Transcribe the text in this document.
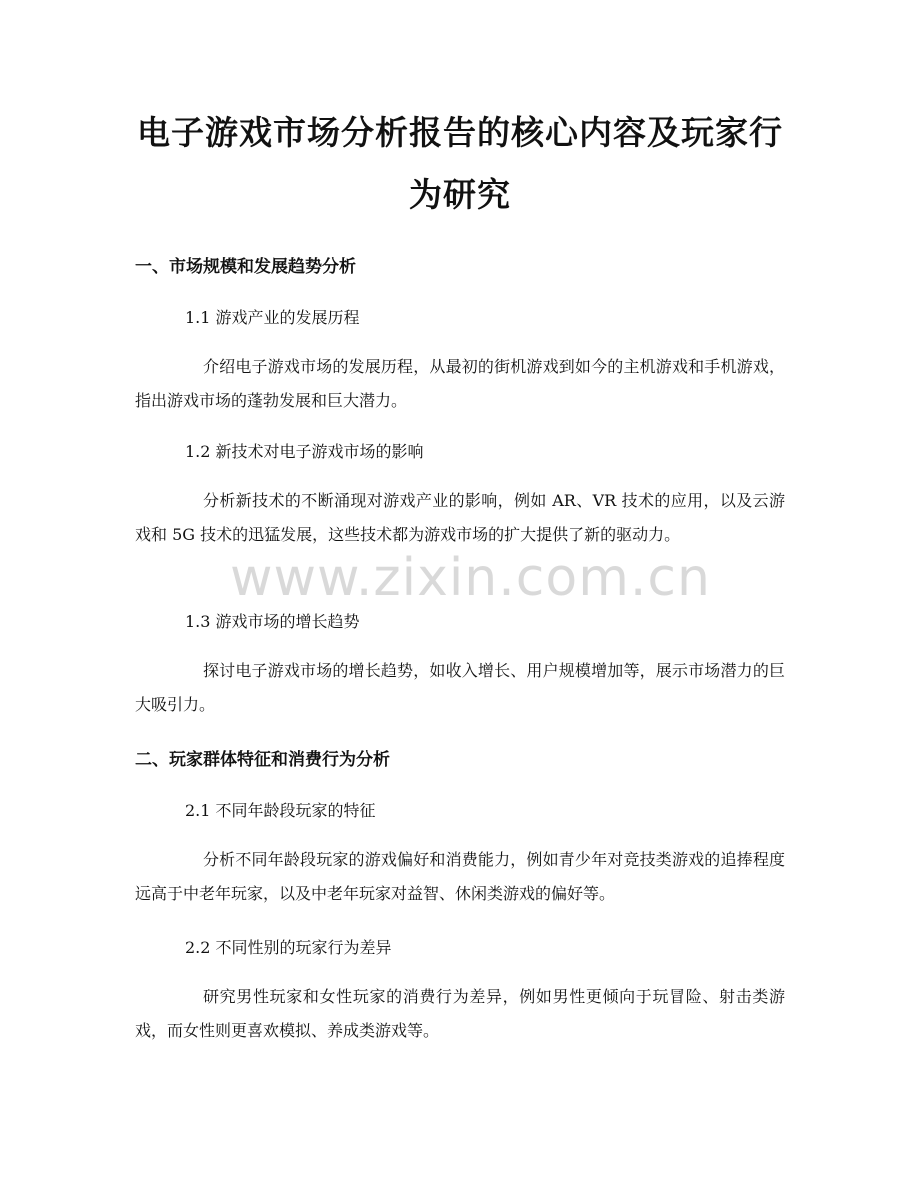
电子游戏市场分析报告的核心内容及玩家行
为研究
一、市场规模和发展趋势分析

1.1 游戏产业的发展历程

介绍电子游戏市场的发展历程，从最初的街机游戏到如今的主机游戏和手机游戏，指出游戏市场的蓬勃发展和巨大潜力。

1.2 新技术对电子游戏市场的影响

分析新技术的不断涌现对游戏产业的影响，例如 AR、VR 技术的应用，以及云游戏和 5G 技术的迅猛发展，这些技术都为游戏市场的扩大提供了新的驱动力。

1.3 游戏市场的增长趋势

探讨电子游戏市场的增长趋势，如收入增长、用户规模增加等，展示市场潜力的巨大吸引力。

二、玩家群体特征和消费行为分析

2.1 不同年龄段玩家的特征

分析不同年龄段玩家的游戏偏好和消费能力，例如青少年对竞技类游戏的追捧程度远高于中老年玩家，以及中老年玩家对益智、休闲类游戏的偏好等。

2.2 不同性别的玩家行为差异

研究男性玩家和女性玩家的消费行为差异，例如男性更倾向于玩冒险、射击类游戏，而女性则更喜欢模拟、养成类游戏等。

www.zixin.com.cn
